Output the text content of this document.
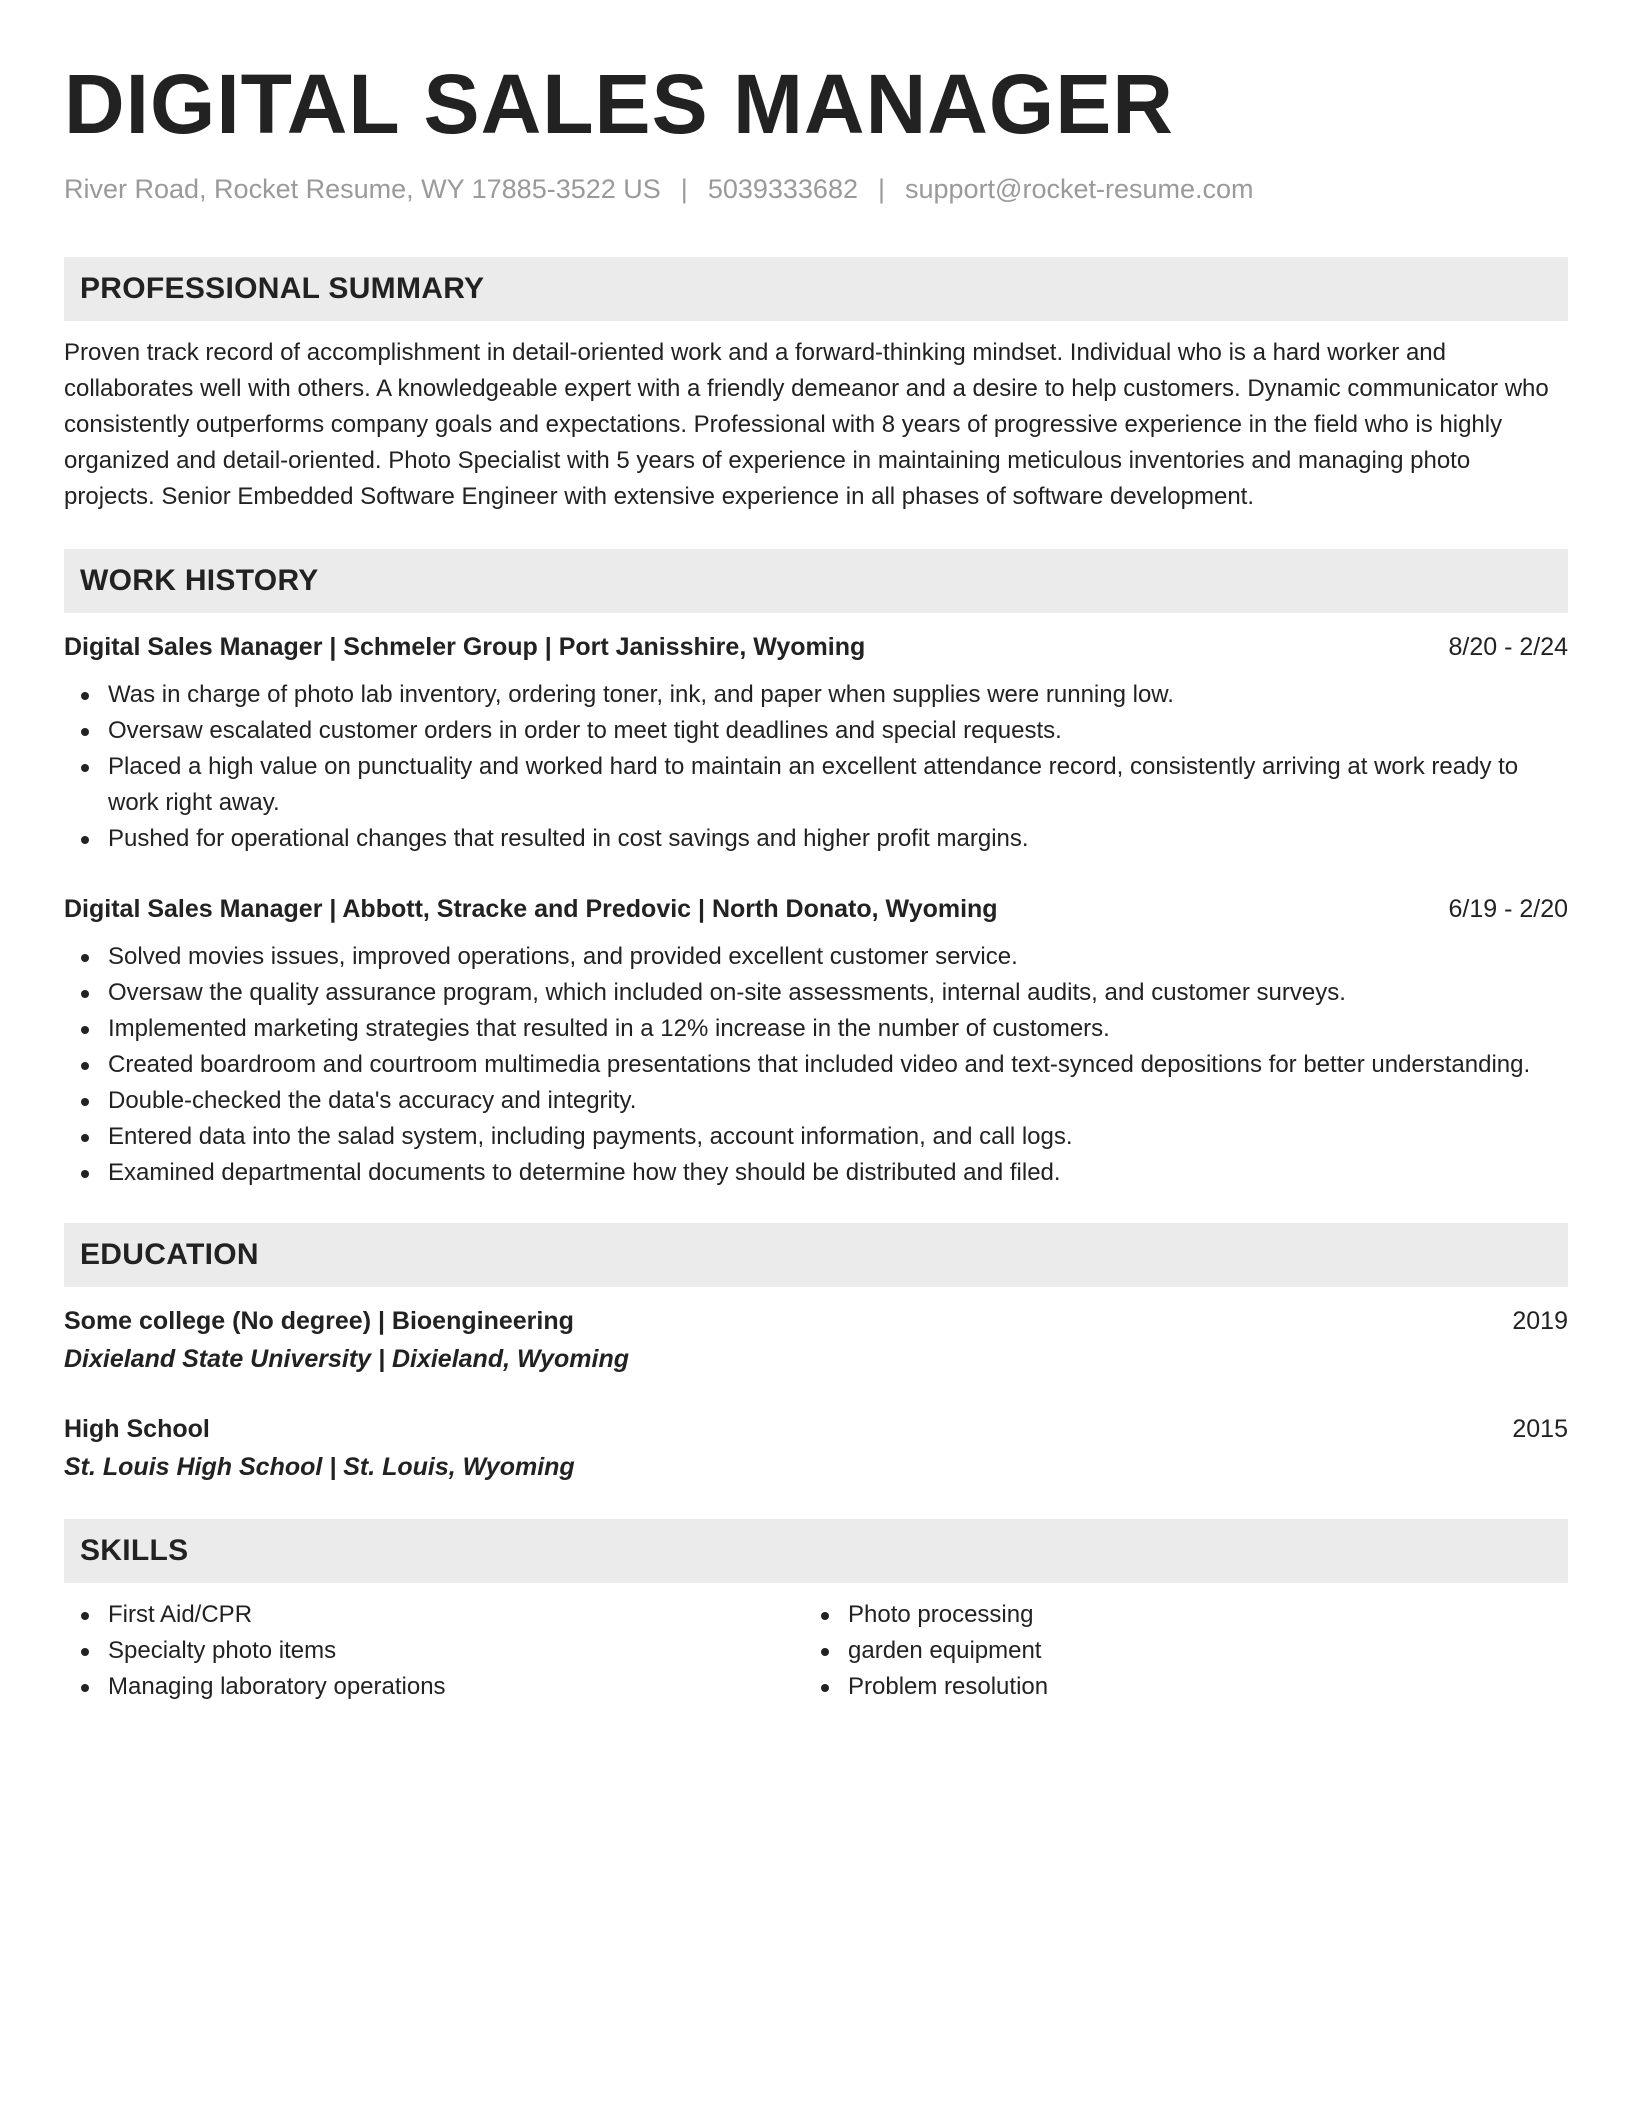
DIGITAL SALES MANAGER
River Road, Rocket Resume, WY 17885-3522 US | 5039333682 | support@rocket-resume.com
PROFESSIONAL SUMMARY
Proven track record of accomplishment in detail-oriented work and a forward-thinking mindset. Individual who is a hard worker and collaborates well with others. A knowledgeable expert with a friendly demeanor and a desire to help customers. Dynamic communicator who consistently outperforms company goals and expectations. Professional with 8 years of progressive experience in the field who is highly organized and detail-oriented. Photo Specialist with 5 years of experience in maintaining meticulous inventories and managing photo projects. Senior Embedded Software Engineer with extensive experience in all phases of software development.
WORK HISTORY
Digital Sales Manager | Schmeler Group | Port Janisshire, Wyoming	8/20 - 2/24
Was in charge of photo lab inventory, ordering toner, ink, and paper when supplies were running low.
Oversaw escalated customer orders in order to meet tight deadlines and special requests.
Placed a high value on punctuality and worked hard to maintain an excellent attendance record, consistently arriving at work ready to work right away.
Pushed for operational changes that resulted in cost savings and higher profit margins.
Digital Sales Manager | Abbott, Stracke and Predovic | North Donato, Wyoming	6/19 - 2/20
Solved movies issues, improved operations, and provided excellent customer service.
Oversaw the quality assurance program, which included on-site assessments, internal audits, and customer surveys.
Implemented marketing strategies that resulted in a 12% increase in the number of customers.
Created boardroom and courtroom multimedia presentations that included video and text-synced depositions for better understanding.
Double-checked the data's accuracy and integrity.
Entered data into the salad system, including payments, account information, and call logs.
Examined departmental documents to determine how they should be distributed and filed.
EDUCATION
Some college (No degree) | Bioengineering	2019
Dixieland State University | Dixieland, Wyoming
High School	2015
St. Louis High School | St. Louis, Wyoming
SKILLS
First Aid/CPR
Specialty photo items
Managing laboratory operations
Photo processing
garden equipment
Problem resolution
